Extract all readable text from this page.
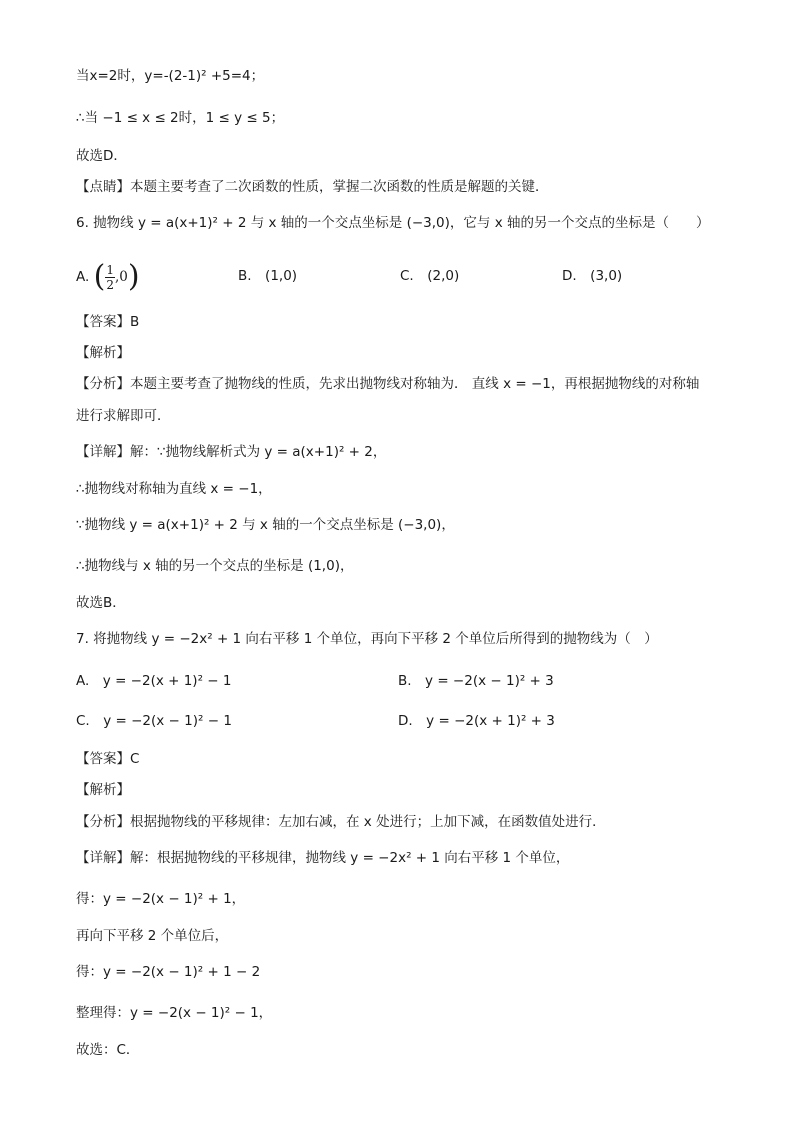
当x=2时，y=-(2-1)² +5=4；
∴当 −1 ≤ x ≤ 2时，1 ≤ y ≤ 5；
故选D．
【点睛】本题主要考查了二次函数的性质，掌握二次函数的性质是解题的关键．
6. 抛物线 y = a(x+1)² + 2 与 x 轴的一个交点坐标是 (−3,0)，它与 x 轴的另一个交点的坐标是（　　）
A. ( $\frac{1}{2} ,0$)	B.　(1,0)	C.　(2,0)	D.　(3,0)
【答案】B
【解析】
【分析】本题主要考查了抛物线的性质，先求出抛物线对称轴为． 直线 x = −1，再根据抛物线的对称轴
进行求解即可．
【详解】解：∵抛物线解析式为 y = a(x+1)² + 2，
∴抛物线对称轴为直线 x = −1，
∵抛物线 y = a(x+1)² + 2 与 x 轴的一个交点坐标是 (−3,0)，
∴抛物线与 x 轴的另一个交点的坐标是 (1,0)，
故选B．
7. 将抛物线 y = −2x² + 1 向右平移 1 个单位，再向下平移 2 个单位后所得到的抛物线为（　）
A.　y = −2(x + 1)² − 1	B.　y = −2(x − 1)² + 3
C.　y = −2(x − 1)² − 1	D.　y = −2(x + 1)² + 3
【答案】C
【解析】
【分析】根据抛物线的平移规律：左加右减，在 x 处进行；上加下减，在函数值处进行．
【详解】解：根据抛物线的平移规律，抛物线 y = −2x² + 1 向右平移 1 个单位，
得：y = −2(x − 1)² + 1，
再向下平移 2 个单位后，
得：y = −2(x − 1)² + 1 − 2
整理得：y = −2(x − 1)² − 1，
故选：C．
